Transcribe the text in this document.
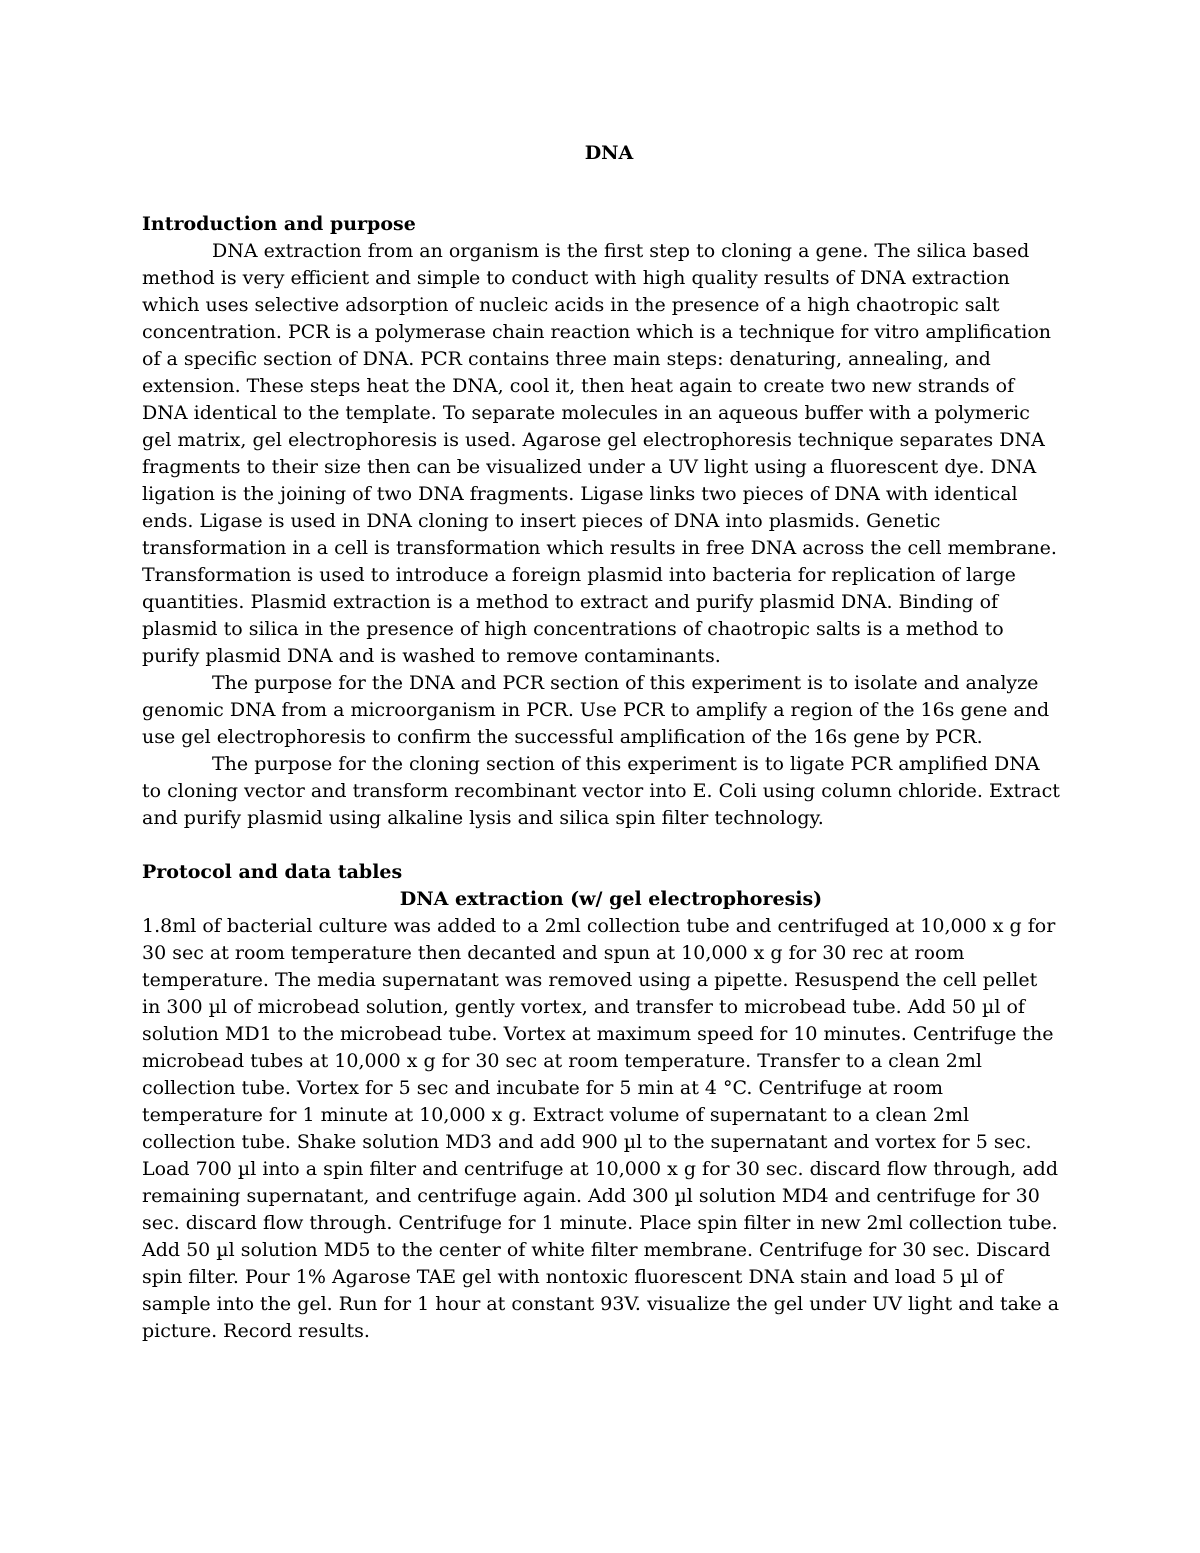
DNA
Introduction and purpose

DNA extraction from an organism is the first step to cloning a gene. The silica based method is very efficient and simple to conduct with high quality results of DNA extraction which uses selective adsorption of nucleic acids in the presence of a high chaotropic salt concentration. PCR is a polymerase chain reaction which is a technique for vitro amplification of a specific section of DNA. PCR contains three main steps: denaturing, annealing, and extension. These steps heat the DNA, cool it, then heat again to create two new strands of DNA identical to the template. To separate molecules in an aqueous buffer with a polymeric gel matrix, gel electrophoresis is used. Agarose gel electrophoresis technique separates DNA fragments to their size then can be visualized under a UV light using a fluorescent dye. DNA ligation is the joining of two DNA fragments. Ligase links two pieces of DNA with identical ends. Ligase is used in DNA cloning to insert pieces of DNA into plasmids. Genetic transformation in a cell is transformation which results in free DNA across the cell membrane. Transformation is used to introduce a foreign plasmid into bacteria for replication of large quantities. Plasmid extraction is a method to extract and purify plasmid DNA. Binding of plasmid to silica in the presence of high concentrations of chaotropic salts is a method to purify plasmid DNA and is washed to remove contaminants.

The purpose for the DNA and PCR section of this experiment is to isolate and analyze genomic DNA from a microorganism in PCR. Use PCR to amplify a region of the 16s gene and use gel electrophoresis to confirm the successful amplification of the 16s gene by PCR.

The purpose for the cloning section of this experiment is to ligate PCR amplified DNA to cloning vector and transform recombinant vector into E. Coli using column chloride. Extract and purify plasmid using alkaline lysis and silica spin filter technology.

Protocol and data tables
DNA extraction (w/ gel electrophoresis)

1.8ml of bacterial culture was added to a 2ml collection tube and centrifuged at 10,000 x g for 30 sec at room temperature then decanted and spun at 10,000 x g for 30 rec at room temperature. The media supernatant was removed using a pipette. Resuspend the cell pellet in 300 µl of microbead solution, gently vortex, and transfer to microbead tube. Add 50 µl of solution MD1 to the microbead tube. Vortex at maximum speed for 10 minutes. Centrifuge the microbead tubes at 10,000 x g for 30 sec at room temperature. Transfer to a clean 2ml collection tube. Vortex for 5 sec and incubate for 5 min at 4 °C. Centrifuge at room temperature for 1 minute at 10,000 x g. Extract volume of supernatant to a clean 2ml collection tube. Shake solution MD3 and add 900 µl to the supernatant and vortex for 5 sec. Load 700 µl into a spin filter and centrifuge at 10,000 x g for 30 sec. discard flow through, add remaining supernatant, and centrifuge again. Add 300 µl solution MD4 and centrifuge for 30 sec. discard flow through. Centrifuge for 1 minute. Place spin filter in new 2ml collection tube. Add 50 µl solution MD5 to the center of white filter membrane. Centrifuge for 30 sec. Discard spin filter. Pour 1% Agarose TAE gel with nontoxic fluorescent DNA stain and load 5 µl of sample into the gel. Run for 1 hour at constant 93V. visualize the gel under UV light and take a picture. Record results.
